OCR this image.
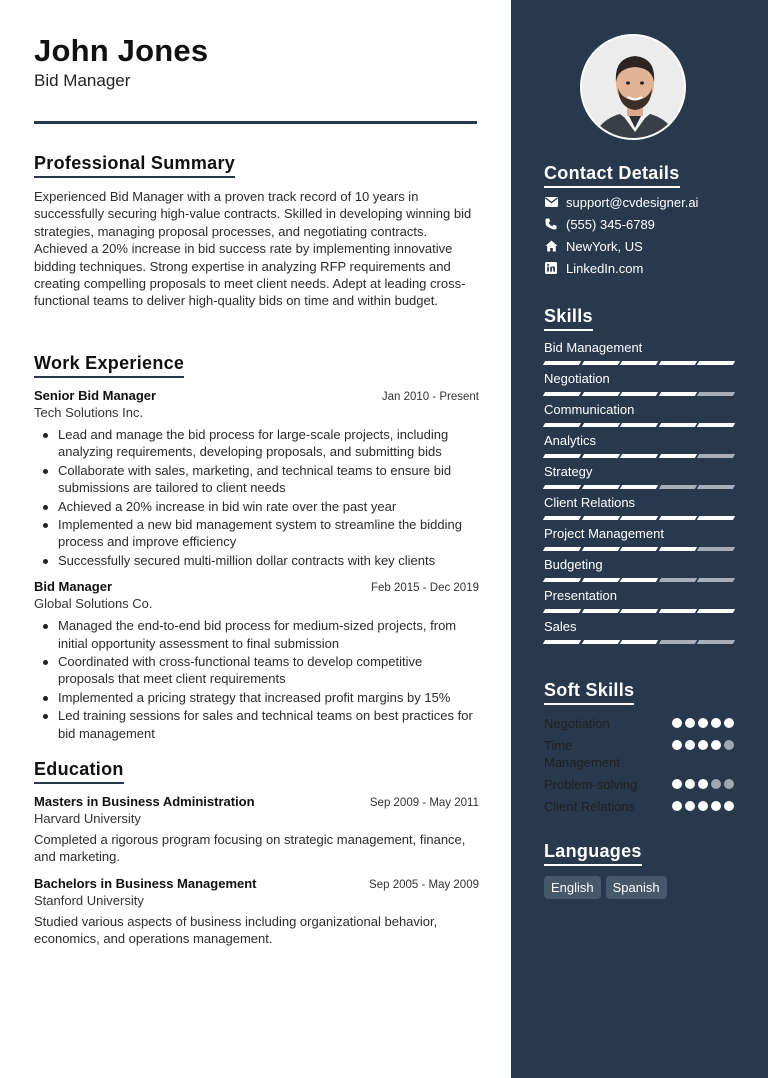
John Jones
Bid Manager
Professional Summary

Experienced Bid Manager with a proven track record of 10 years in successfully securing high-value contracts. Skilled in developing winning bid strategies, managing proposal processes, and negotiating contracts. Achieved a 20% increase in bid success rate by implementing innovative bidding techniques. Strong expertise in analyzing RFP requirements and creating compelling proposals to meet client needs. Adept at leading cross-functional teams to deliver high-quality bids on time and within budget.

Work Experience
Senior Bid Manager	Jan 2010 - Present
Tech Solutions Inc.
Lead and manage the bid process for large-scale projects, including analyzing requirements, developing proposals, and submitting bids
Collaborate with sales, marketing, and technical teams to ensure bid submissions are tailored to client needs
Achieved a 20% increase in bid win rate over the past year
Implemented a new bid management system to streamline the bidding process and improve efficiency
Successfully secured multi-million dollar contracts with key clients
Bid Manager	Feb 2015 - Dec 2019
Global Solutions Co.
Managed the end-to-end bid process for medium-sized projects, from initial opportunity assessment to final submission
Coordinated with cross-functional teams to develop competitive proposals that meet client requirements
Implemented a pricing strategy that increased profit margins by 15%
Led training sessions for sales and technical teams on best practices for bid management
Education
Masters in Business Administration	Sep 2009 - May 2011
Harvard University
Completed a rigorous program focusing on strategic management, finance, and marketing.
Bachelors in Business Management	Sep 2005 - May 2009
Stanford University
Studied various aspects of business including organizational behavior, economics, and operations management.
Contact Details
support@cvdesigner.ai
(555) 345-6789
NewYork, US
LinkedIn.com
Skills
Bid Management
Negotiation
Communication
Analytics
Strategy
Client Relations
Project Management
Budgeting
Presentation
Sales
Soft Skills
Negotiation
Time Management
Problem-solving
Client Relations
Languages
English	Spanish
